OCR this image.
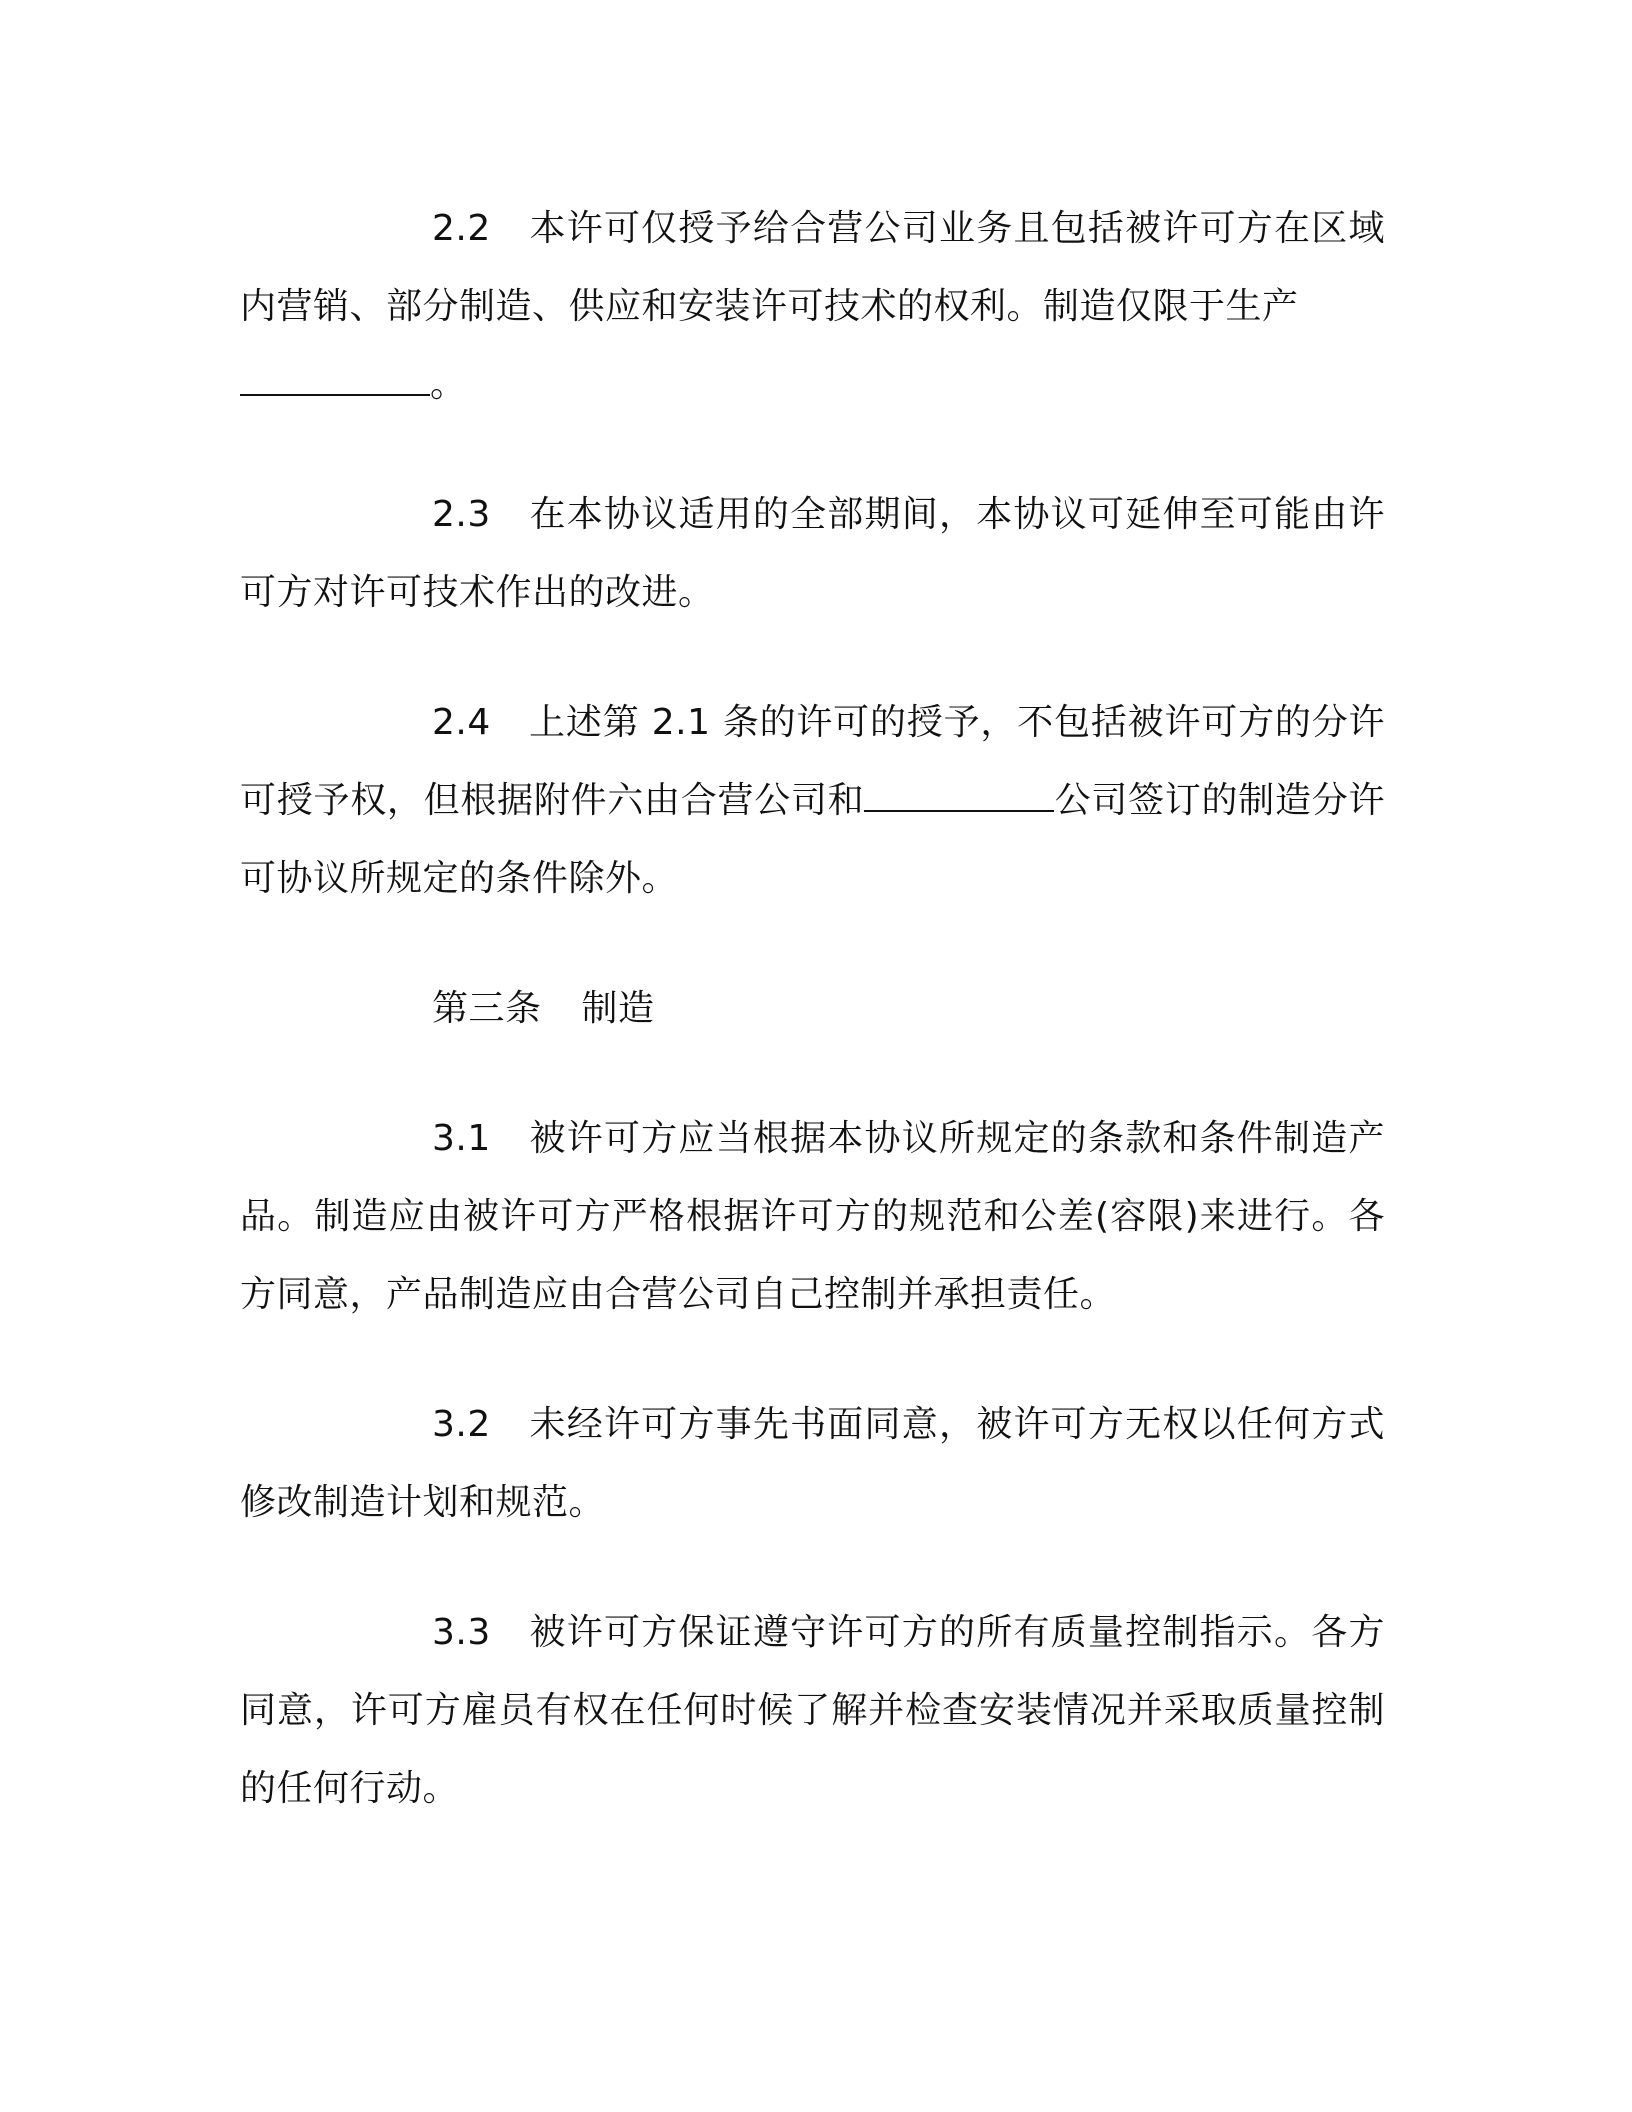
2.2 本许可仅授予给合营公司业务且包括被许可方在区域内营销、部分制造、供应和安装许可技术的权利。制造仅限于生产
。

2.3 在本协议适用的全部期间，本协议可延伸至可能由许可方对许可技术作出的改进。

2.4 上述第 2.1 条的许可的授予，不包括被许可方的分许可授予权，但根据附件六由合营公司和	公司签订的制造分许可协议所规定的条件除外。

第三条 制造

3.1 被许可方应当根据本协议所规定的条款和条件制造产品。制造应由被许可方严格根据许可方的规范和公差(容限)来进行。各方同意，产品制造应由合营公司自己控制并承担责任。

3.2 未经许可方事先书面同意，被许可方无权以任何方式修改制造计划和规范。

3.3 被许可方保证遵守许可方的所有质量控制指示。各方同意，许可方雇员有权在任何时候了解并检查安装情况并采取质量控制的任何行动。
